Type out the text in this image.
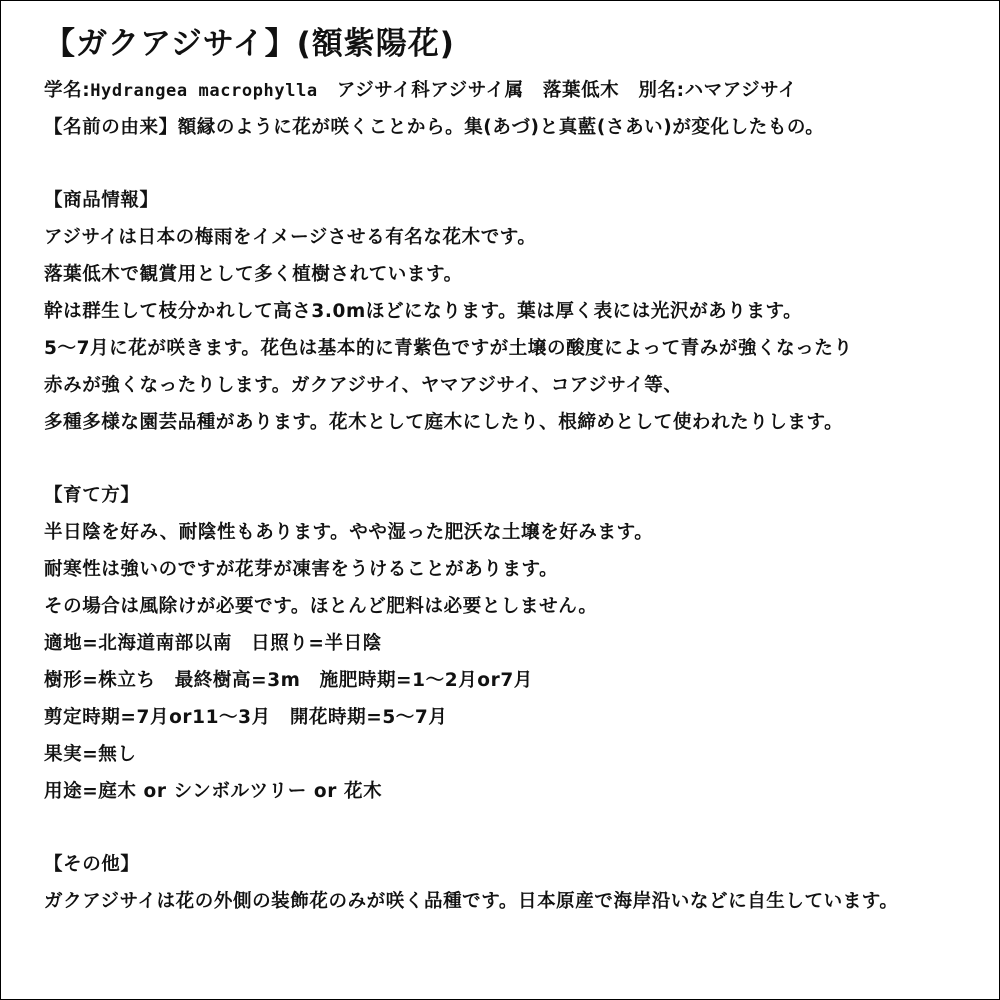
【ガクアジサイ】(額紫陽花)
学名:Hydrangea macrophylla　アジサイ科アジサイ属　落葉低木　別名:ハマアジサイ
【名前の由来】額縁のように花が咲くことから。集(あづ)と真藍(さあい)が変化したもの。
【商品情報】
アジサイは日本の梅雨をイメージさせる有名な花木です。
落葉低木で観賞用として多く植樹されています。
幹は群生して枝分かれして高さ3.0mほどになります。葉は厚く表には光沢があります。
5～7月に花が咲きます。花色は基本的に青紫色ですが土壌の酸度によって青みが強くなったり
赤みが強くなったりします。ガクアジサイ、ヤマアジサイ、コアジサイ等、
多種多様な園芸品種があります。花木として庭木にしたり、根締めとして使われたりします。
【育て方】
半日陰を好み、耐陰性もあります。やや湿った肥沃な土壌を好みます。
耐寒性は強いのですが花芽が凍害をうけることがあります。
その場合は風除けが必要です。ほとんど肥料は必要としません。
適地=北海道南部以南　日照り=半日陰
樹形=株立ち　最終樹高=3m　施肥時期=1～2月or7月
剪定時期=7月or11～3月　開花時期=5～7月
果実=無し
用途=庭木 or シンボルツリー or 花木
【その他】
ガクアジサイは花の外側の装飾花のみが咲く品種です。日本原産で海岸沿いなどに自生しています。
